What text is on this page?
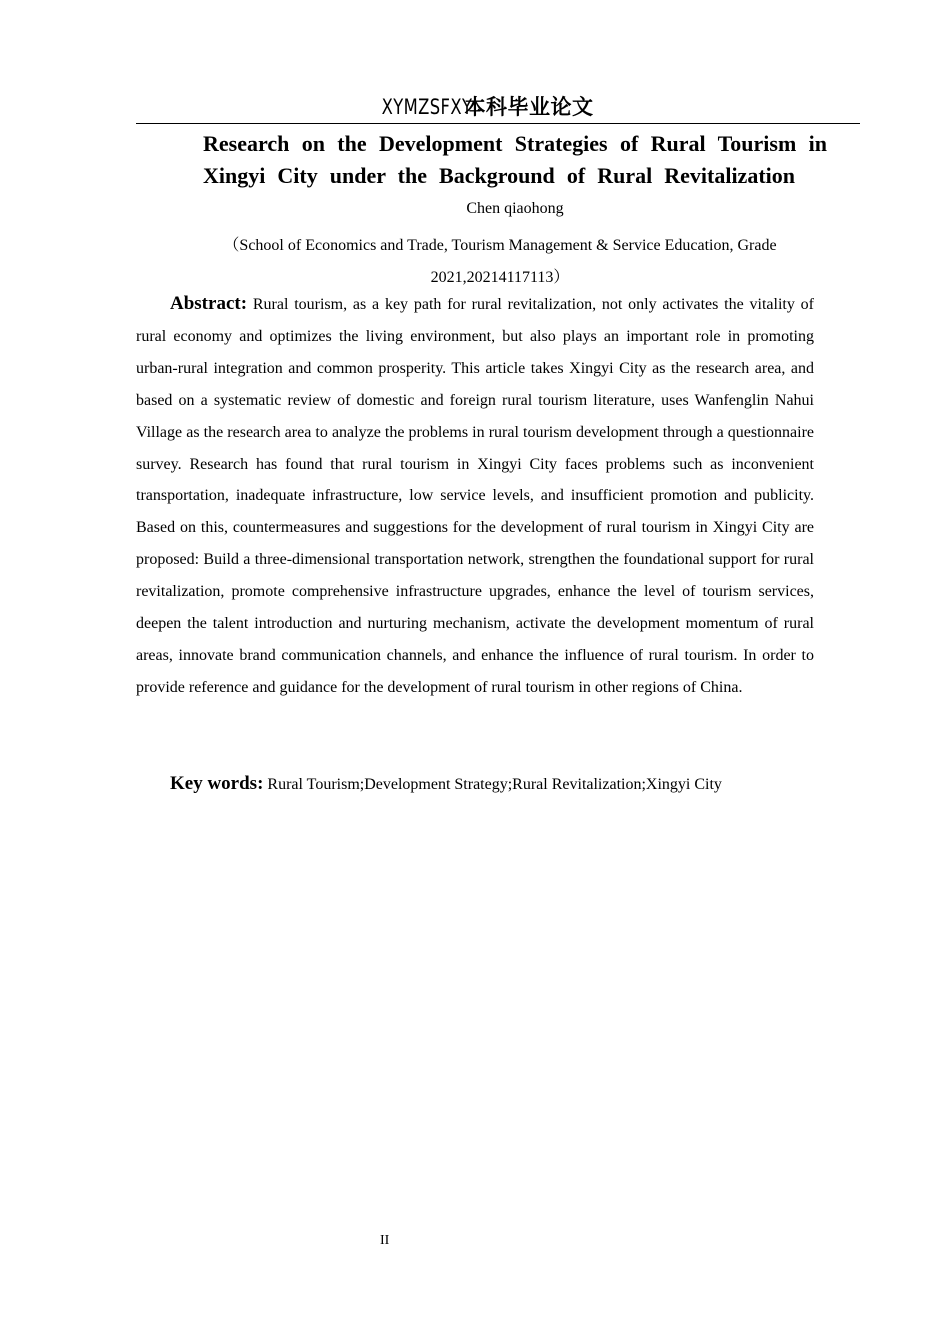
XYMZSFXY 本科毕业论文
Research on the Development Strategies of Rural Tourism in
Xingyi City under the Background of Rural Revitalization
Chen qiaohong
（School of Economics and Trade, Tourism Management & Service Education, Grade
2021,20214117113）
Abstract: Rural tourism, as a key path for rural revitalization, not only activates the vitality of rural economy and optimizes the living environment, but also plays an important role in promoting urban-rural integration and common prosperity. This article takes Xingyi City as the research area, and based on a systematic review of domestic and foreign rural tourism literature, uses Wanfenglin Nahui Village as the research area to analyze the problems in rural tourism development through a questionnaire survey. Research has found that rural tourism in Xingyi City faces problems such as inconvenient transportation, inadequate infrastructure, low service levels, and insufficient promotion and publicity. Based on this, countermeasures and suggestions for the development of rural tourism in Xingyi City are proposed: Build a three-dimensional transportation network, strengthen the foundational support for rural revitalization, promote comprehensive infrastructure upgrades, enhance the level of tourism services, deepen the talent introduction and nurturing mechanism, activate the development momentum of rural areas, innovate brand communication channels, and enhance the influence of rural tourism. In order to provide reference and guidance for the development of rural tourism in other regions of China.
Key words: Rural Tourism;Development Strategy;Rural Revitalization;Xingyi City
II
